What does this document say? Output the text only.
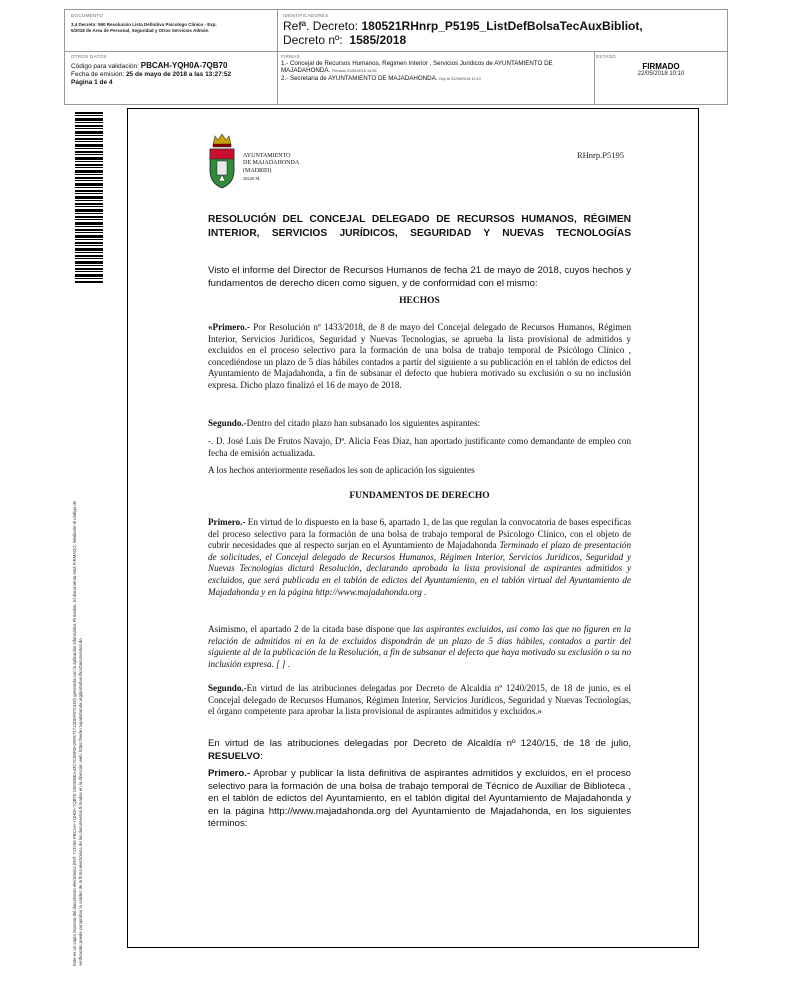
DOCUMENTO
3.4 Decreto: 590 Resolución Lista Definitiva Psicologo Clinico - Exp. 5/2018 de Area de Personal, Seguridad y Otros Servicios Admón
IDENTIFICADORES
Refª. Decreto: 180521RHnrp_P5195_ListDefBolsaTecAuxBibliot,
Decreto nº: 1585/2018
OTROS DATOS
Código para validación: PBCAH-YQH0A-7QB70
Fecha de emisión: 25 de mayo de 2018 a las 13:27:52
Página 1 de 4
FIRMAS
1.- Concejal de Recursos Humanos, Regimen Interior , Servicios Juridicos de AYUNTAMIENTO DE MAJADAHONDA. Firmado 21/05/2018 14:45
2.- Secretaria de AYUNTAMIENTO DE MAJADAHONDA. Doy fe 22/05/2018 10:10
ESTADO
FIRMADO
22/05/2018 10:10
Este es un copia impresa del documento electrónico (Ref: 713766 PBCAH-YQH0A-7QB70 1391EBEA43C7C06F0A29FE71713DEF07243D) generada con la aplicación informática Firmadoc. El documento está FIRMADO. Mediante el código de verificación puede comprobar la validez de la firma electrónica de los documentos firmados en la dirección web: https://sede.majadahonda.org/portal/verificaDocumentos.do
AYUNTAMIENTO
DE MAJADAHONDA
(MADRID)
28220 M.
RHnrp.P5195
RESOLUCIÓN DEL CONCEJAL DELEGADO DE RECURSOS HUMANOS, RÉGIMEN INTERIOR, SERVICIOS JURÍDICOS, SEGURIDAD Y NUEVAS TECNOLOGÍAS
Visto el informe del Director de Recursos Humanos de fecha 21 de mayo de 2018, cuyos hechos y fundamentos de derecho dicen como siguen, y de conformidad con el mismo:
HECHOS
«Primero.- Por Resolución nº 1433/2018, de 8 de mayo del Concejal delegado de Recursos Humanos, Régimen Interior, Servicios Jurídicos, Seguridad y Nuevas Tecnologías, se aprueba la lista provisional de admitidos y excluidos en el proceso selectivo para la formación de una bolsa de trabajo temporal de Psicólogo Clínico , concediéndose un plazo de 5 días hábiles contados a partir del siguiente a su publicación en el tablón de edictos del Ayuntamiento de Majadahonda, a fin de subsanar el defecto que hubiera motivado su exclusión o su no inclusión expresa. Dicho plazo finalizó el 16 de mayo de 2018.
Segundo.-Dentro del citado plazo han subsanado los siguientes aspirantes:
-. D. José Luis De Frutos Navajo, Dª. Alicia Feas Díaz, han aportado justificante como demandante de empleo con fecha de emisión actualizada.
A los hechos anteriormente reseñados les son de aplicación los siguientes
FUNDAMENTOS DE DERECHO
Primero.- En virtud de lo dispuesto en la base 6, apartado 1, de las que regulan la convocatoria de bases específicas del proceso selectivo para la formación de una bolsa de trabajo temporal de Psicologo Clínico, con el objeto de cubrir necesidades que al respecto surjan en el Ayuntamiento de Majadahonda Terminado el plazo de presentación de solicitudes, el Concejal delegado de Recursos Humanos, Régimen Interior, Servicios Jurídicos, Seguridad y Nuevas Tecnologías dictará Resolución, declarando aprobada la lista provisional de aspirantes admitidos y excluidos, que será publicada en el tablón de edictos del Ayuntamiento, en el tablón virtual del Ayuntamiento de Majadahonda y en la página http://www.majadahonda.org .
Asimismo, el apartado 2 de la citada base dispone que las aspirantes excluidos, así como las que no figuren en la relación de admitidos ni en la de excluidos dispondrán de un plazo de 5 días hábiles, contados a partir del siguiente al de la publicación de la Resolución, a fin de subsanar el defecto que haya motivado su exclusión o su no inclusión expresa. [ ] .
Segundo.-En virtud de las atribuciones delegadas por Decreto de Alcaldía nº 1240/2015, de 18 de junio, es el Concejal delegado de Recursos Humanos, Régimen Interior, Servicios Jurídicos, Seguridad y Nuevas Tecnologías, el órgano competente para aprobar la lista provisional de aspirantes admitidos y excluidos.»
En virtud de las atribuciones delegadas por Decreto de Alcaldía nº 1240/15, de 18 de julio, RESUELVO:
Primero.- Aprobar y publicar la lista definitiva de aspirantes admitidos y excluidos, en el proceso selectivo para la formación de una bolsa de trabajo temporal de Técnico de Auxiliar de Biblioteca , en el tablón de edictos del Ayuntamiento, en el tablón digital del Ayuntamiento de Majadahonda y en la página http://www.majadahonda.org del Ayuntamiento de Majadahonda, en los siguientes términos:
